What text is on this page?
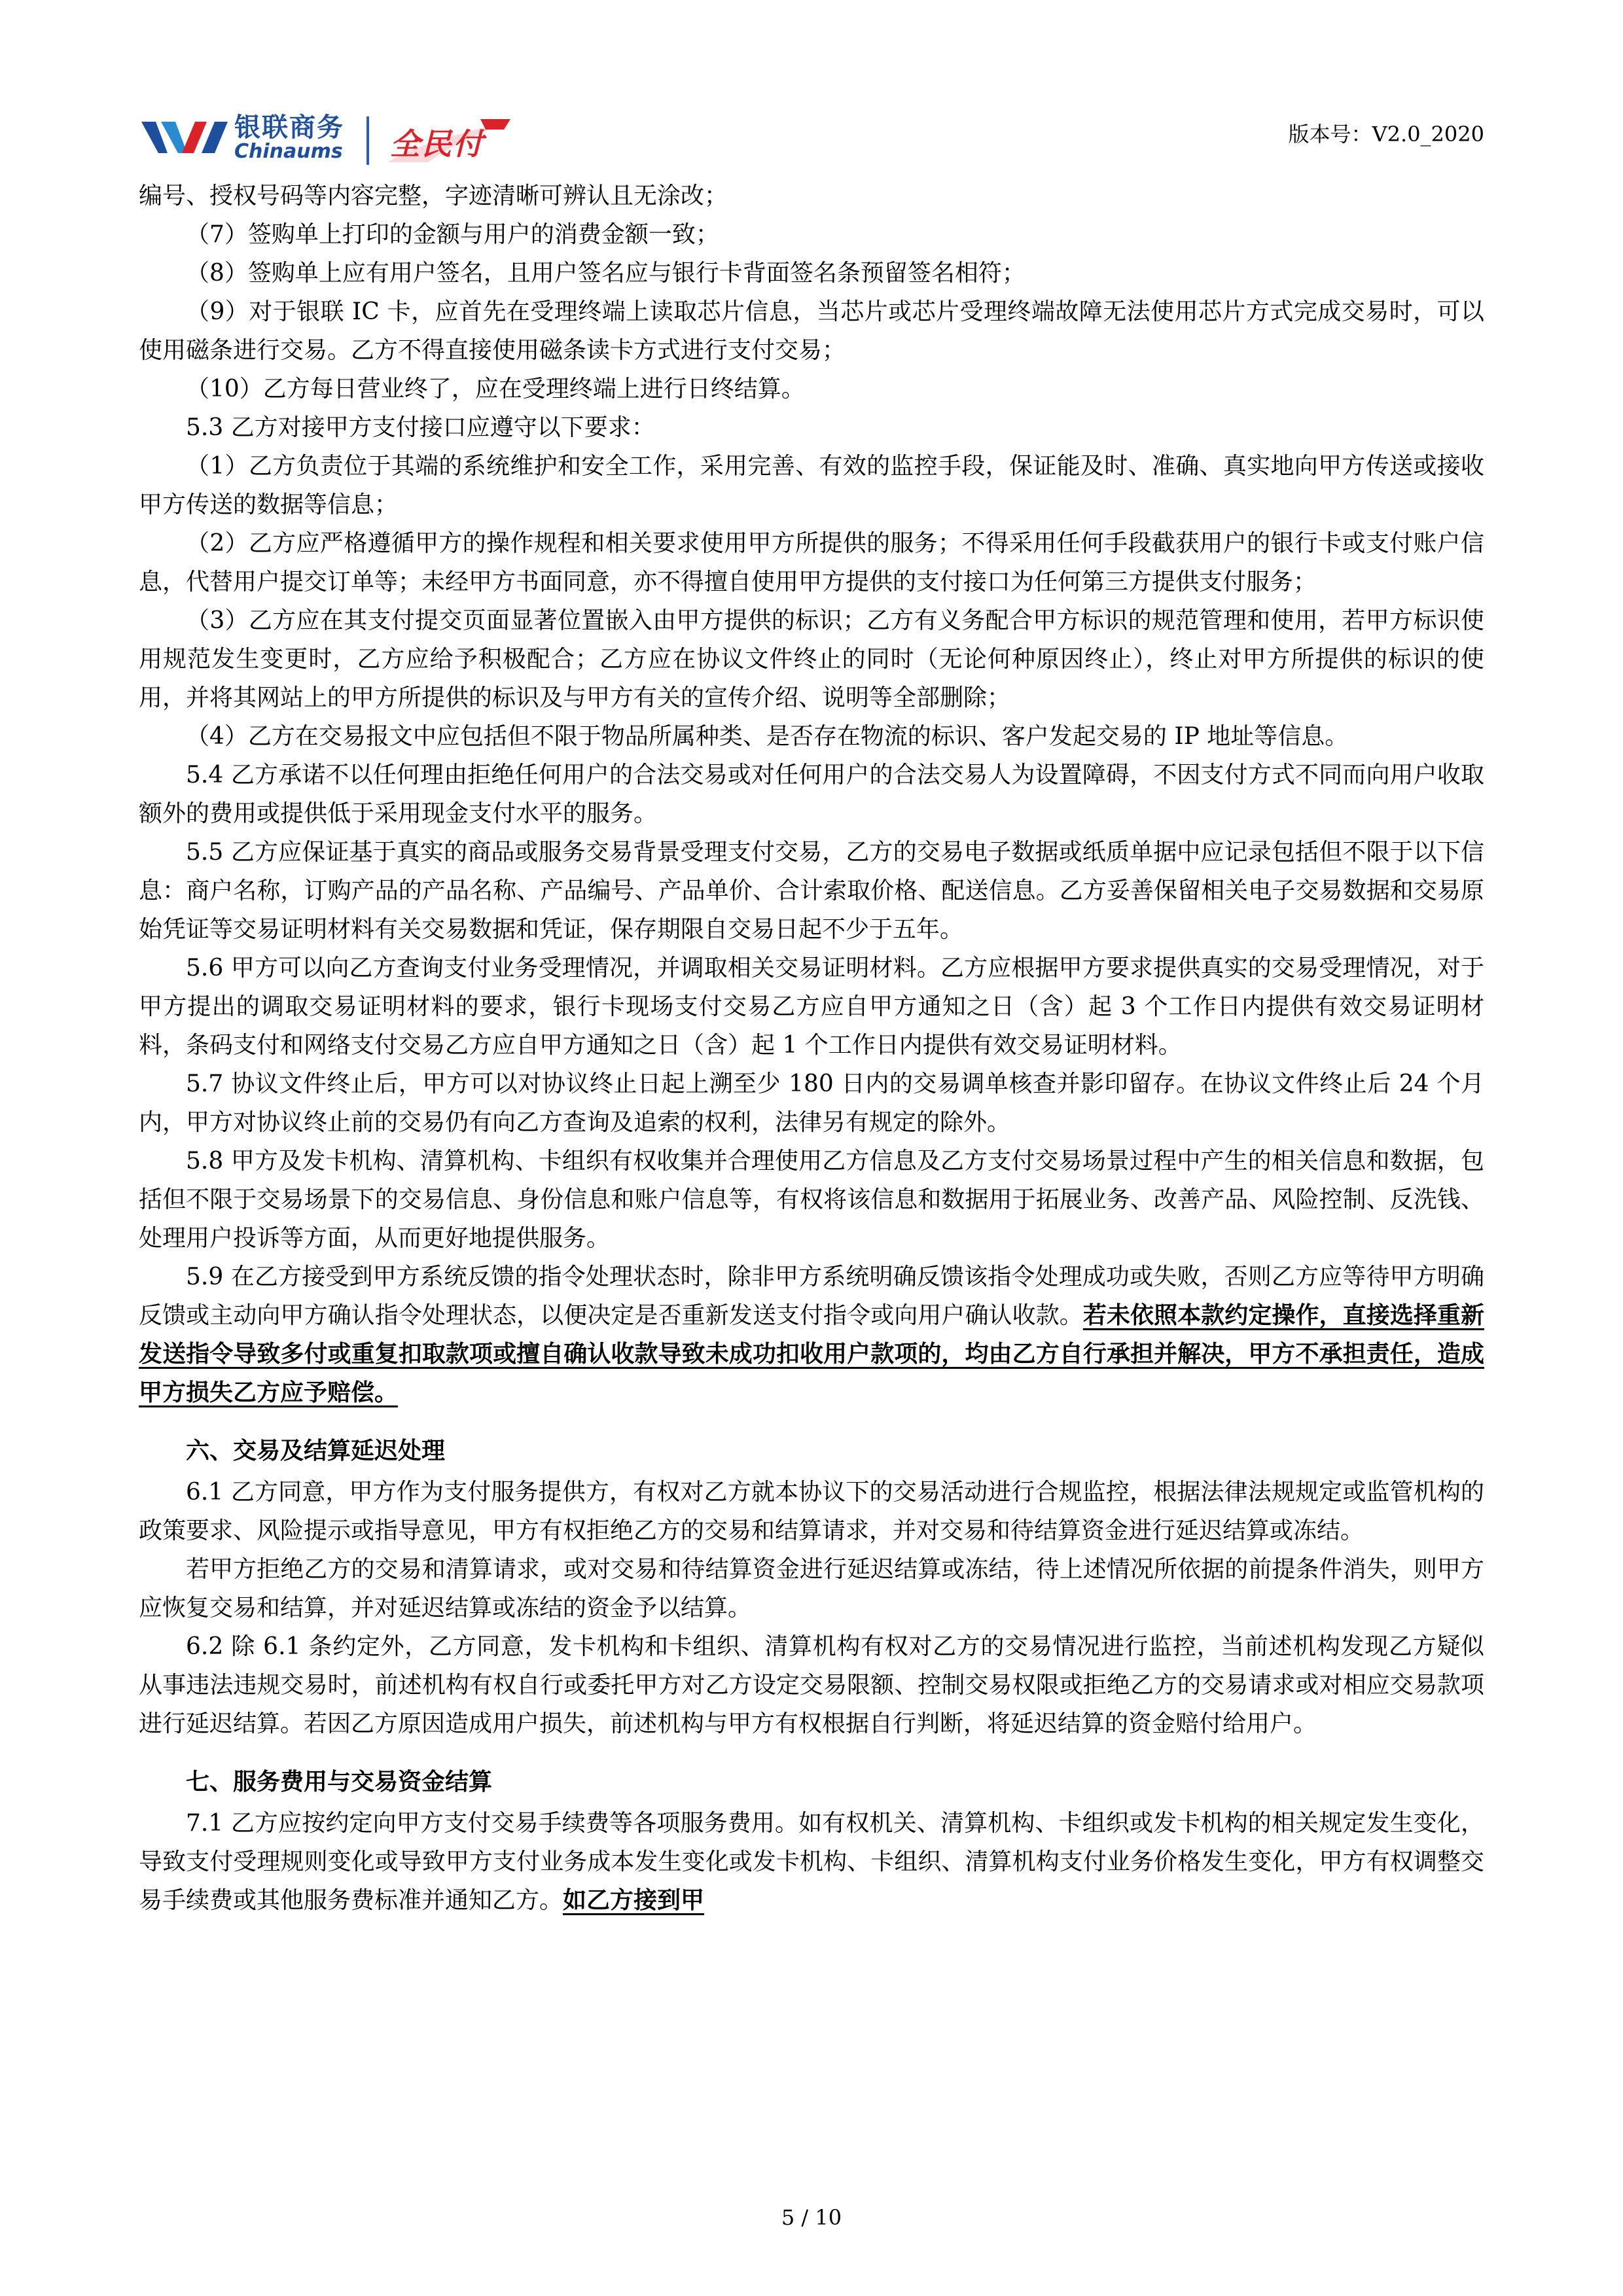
银联商务
Chinaums 全民付	版本号：V2.0_2020

编号、授权号码等内容完整，字迹清晰可辨认且无涂改；

（7）签购单上打印的金额与用户的消费金额一致；

（8）签购单上应有用户签名，且用户签名应与银行卡背面签名条预留签名相符；

（9）对于银联 IC 卡，应首先在受理终端上读取芯片信息，当芯片或芯片受理终端故障无法使用芯片方式完成交易时，可以使用磁条进行交易。乙方不得直接使用磁条读卡方式进行支付交易；

（10）乙方每日营业终了，应在受理终端上进行日终结算。

5.3 乙方对接甲方支付接口应遵守以下要求：

（1）乙方负责位于其端的系统维护和安全工作，采用完善、有效的监控手段，保证能及时、准确、真实地向甲方传送或接收甲方传送的数据等信息；

（2）乙方应严格遵循甲方的操作规程和相关要求使用甲方所提供的服务；不得采用任何手段截获用户的银行卡或支付账户信息，代替用户提交订单等；未经甲方书面同意，亦不得擅自使用甲方提供的支付接口为任何第三方提供支付服务；

（3）乙方应在其支付提交页面显著位置嵌入由甲方提供的标识；乙方有义务配合甲方标识的规范管理和使用，若甲方标识使用规范发生变更时，乙方应给予积极配合；乙方应在协议文件终止的同时（无论何种原因终止），终止对甲方所提供的标识的使用，并将其网站上的甲方所提供的标识及与甲方有关的宣传介绍、说明等全部删除；

（4）乙方在交易报文中应包括但不限于物品所属种类、是否存在物流的标识、客户发起交易的 IP 地址等信息。

5.4 乙方承诺不以任何理由拒绝任何用户的合法交易或对任何用户的合法交易人为设置障碍，不因支付方式不同而向用户收取额外的费用或提供低于采用现金支付水平的服务。

5.5 乙方应保证基于真实的商品或服务交易背景受理支付交易，乙方的交易电子数据或纸质单据中应记录包括但不限于以下信息：商户名称，订购产品的产品名称、产品编号、产品单价、合计索取价格、配送信息。乙方妥善保留相关电子交易数据和交易原始凭证等交易证明材料有关交易数据和凭证，保存期限自交易日起不少于五年。

5.6 甲方可以向乙方查询支付业务受理情况，并调取相关交易证明材料。乙方应根据甲方要求提供真实的交易受理情况，对于甲方提出的调取交易证明材料的要求，银行卡现场支付交易乙方应自甲方通知之日（含）起 3 个工作日内提供有效交易证明材料，条码支付和网络支付交易乙方应自甲方通知之日（含）起 1 个工作日内提供有效交易证明材料。

5.7 协议文件终止后，甲方可以对协议终止日起上溯至少 180 日内的交易调单核查并影印留存。在协议文件终止后 24 个月内，甲方对协议终止前的交易仍有向乙方查询及追索的权利，法律另有规定的除外。

5.8 甲方及发卡机构、清算机构、卡组织有权收集并合理使用乙方信息及乙方支付交易场景过程中产生的相关信息和数据，包括但不限于交易场景下的交易信息、身份信息和账户信息等，有权将该信息和数据用于拓展业务、改善产品、风险控制、反洗钱、处理用户投诉等方面，从而更好地提供服务。

5.9 在乙方接受到甲方系统反馈的指令处理状态时，除非甲方系统明确反馈该指令处理成功或失败，否则乙方应等待甲方明确反馈或主动向甲方确认指令处理状态，以便决定是否重新发送支付指令或向用户确认收款。若未依照本款约定操作，直接选择重新发送指令导致多付或重复扣取款项或擅自确认收款导致未成功扣收用户款项的，均由乙方自行承担并解决，甲方不承担责任，造成甲方损失乙方应予赔偿。

六、交易及结算延迟处理

6.1 乙方同意，甲方作为支付服务提供方，有权对乙方就本协议下的交易活动进行合规监控，根据法律法规规定或监管机构的政策要求、风险提示或指导意见，甲方有权拒绝乙方的交易和结算请求，并对交易和待结算资金进行延迟结算或冻结。

若甲方拒绝乙方的交易和清算请求，或对交易和待结算资金进行延迟结算或冻结，待上述情况所依据的前提条件消失，则甲方应恢复交易和结算，并对延迟结算或冻结的资金予以结算。

6.2 除 6.1 条约定外，乙方同意，发卡机构和卡组织、清算机构有权对乙方的交易情况进行监控，当前述机构发现乙方疑似从事违法违规交易时，前述机构有权自行或委托甲方对乙方设定交易限额、控制交易权限或拒绝乙方的交易请求或对相应交易款项进行延迟结算。若因乙方原因造成用户损失，前述机构与甲方有权根据自行判断，将延迟结算的资金赔付给用户。

七、服务费用与交易资金结算

7.1 乙方应按约定向甲方支付交易手续费等各项服务费用。如有权机关、清算机构、卡组织或发卡机构的相关规定发生变化，导致支付受理规则变化或导致甲方支付业务成本发生变化或发卡机构、卡组织、清算机构支付业务价格发生变化，甲方有权调整交易手续费或其他服务费标准并通知乙方。如乙方接到甲

5 / 10
